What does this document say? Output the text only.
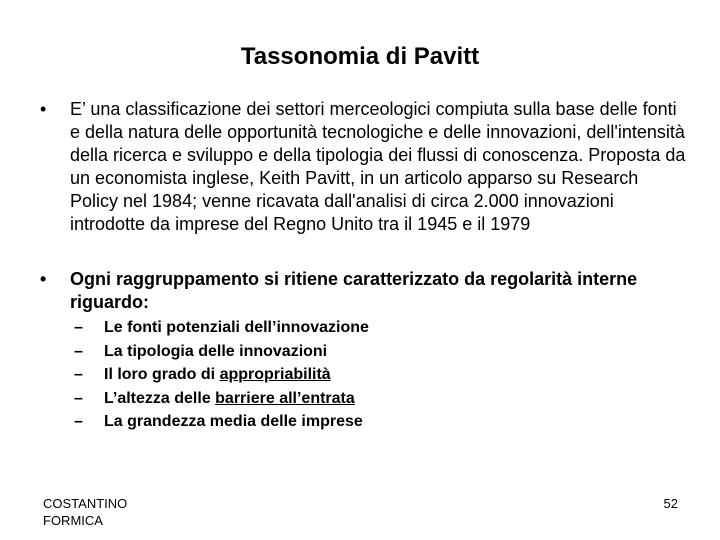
Tassonomia di Pavitt
•	E’ una classificazione dei settori merceologici compiuta sulla base delle fonti e della natura delle opportunità tecnologiche e delle innovazioni, dell'intensità della ricerca e sviluppo e della tipologia dei flussi di conoscenza. Proposta da un economista inglese, Keith Pavitt, in un articolo apparso su Research Policy nel 1984; venne ricavata dall'analisi di circa 2.000 innovazioni introdotte da imprese del Regno Unito tra il 1945 e il 1979
•	Ogni raggruppamento si ritiene caratterizzato da regolarità interne riguardo:
– Le fonti potenziali dell’innovazione
– La tipologia delle innovazioni
– Il loro grado di appropriabilità
– L’altezza delle barriere all’entrata
– La grandezza media delle imprese
COSTANTINO
FORMICA
52
